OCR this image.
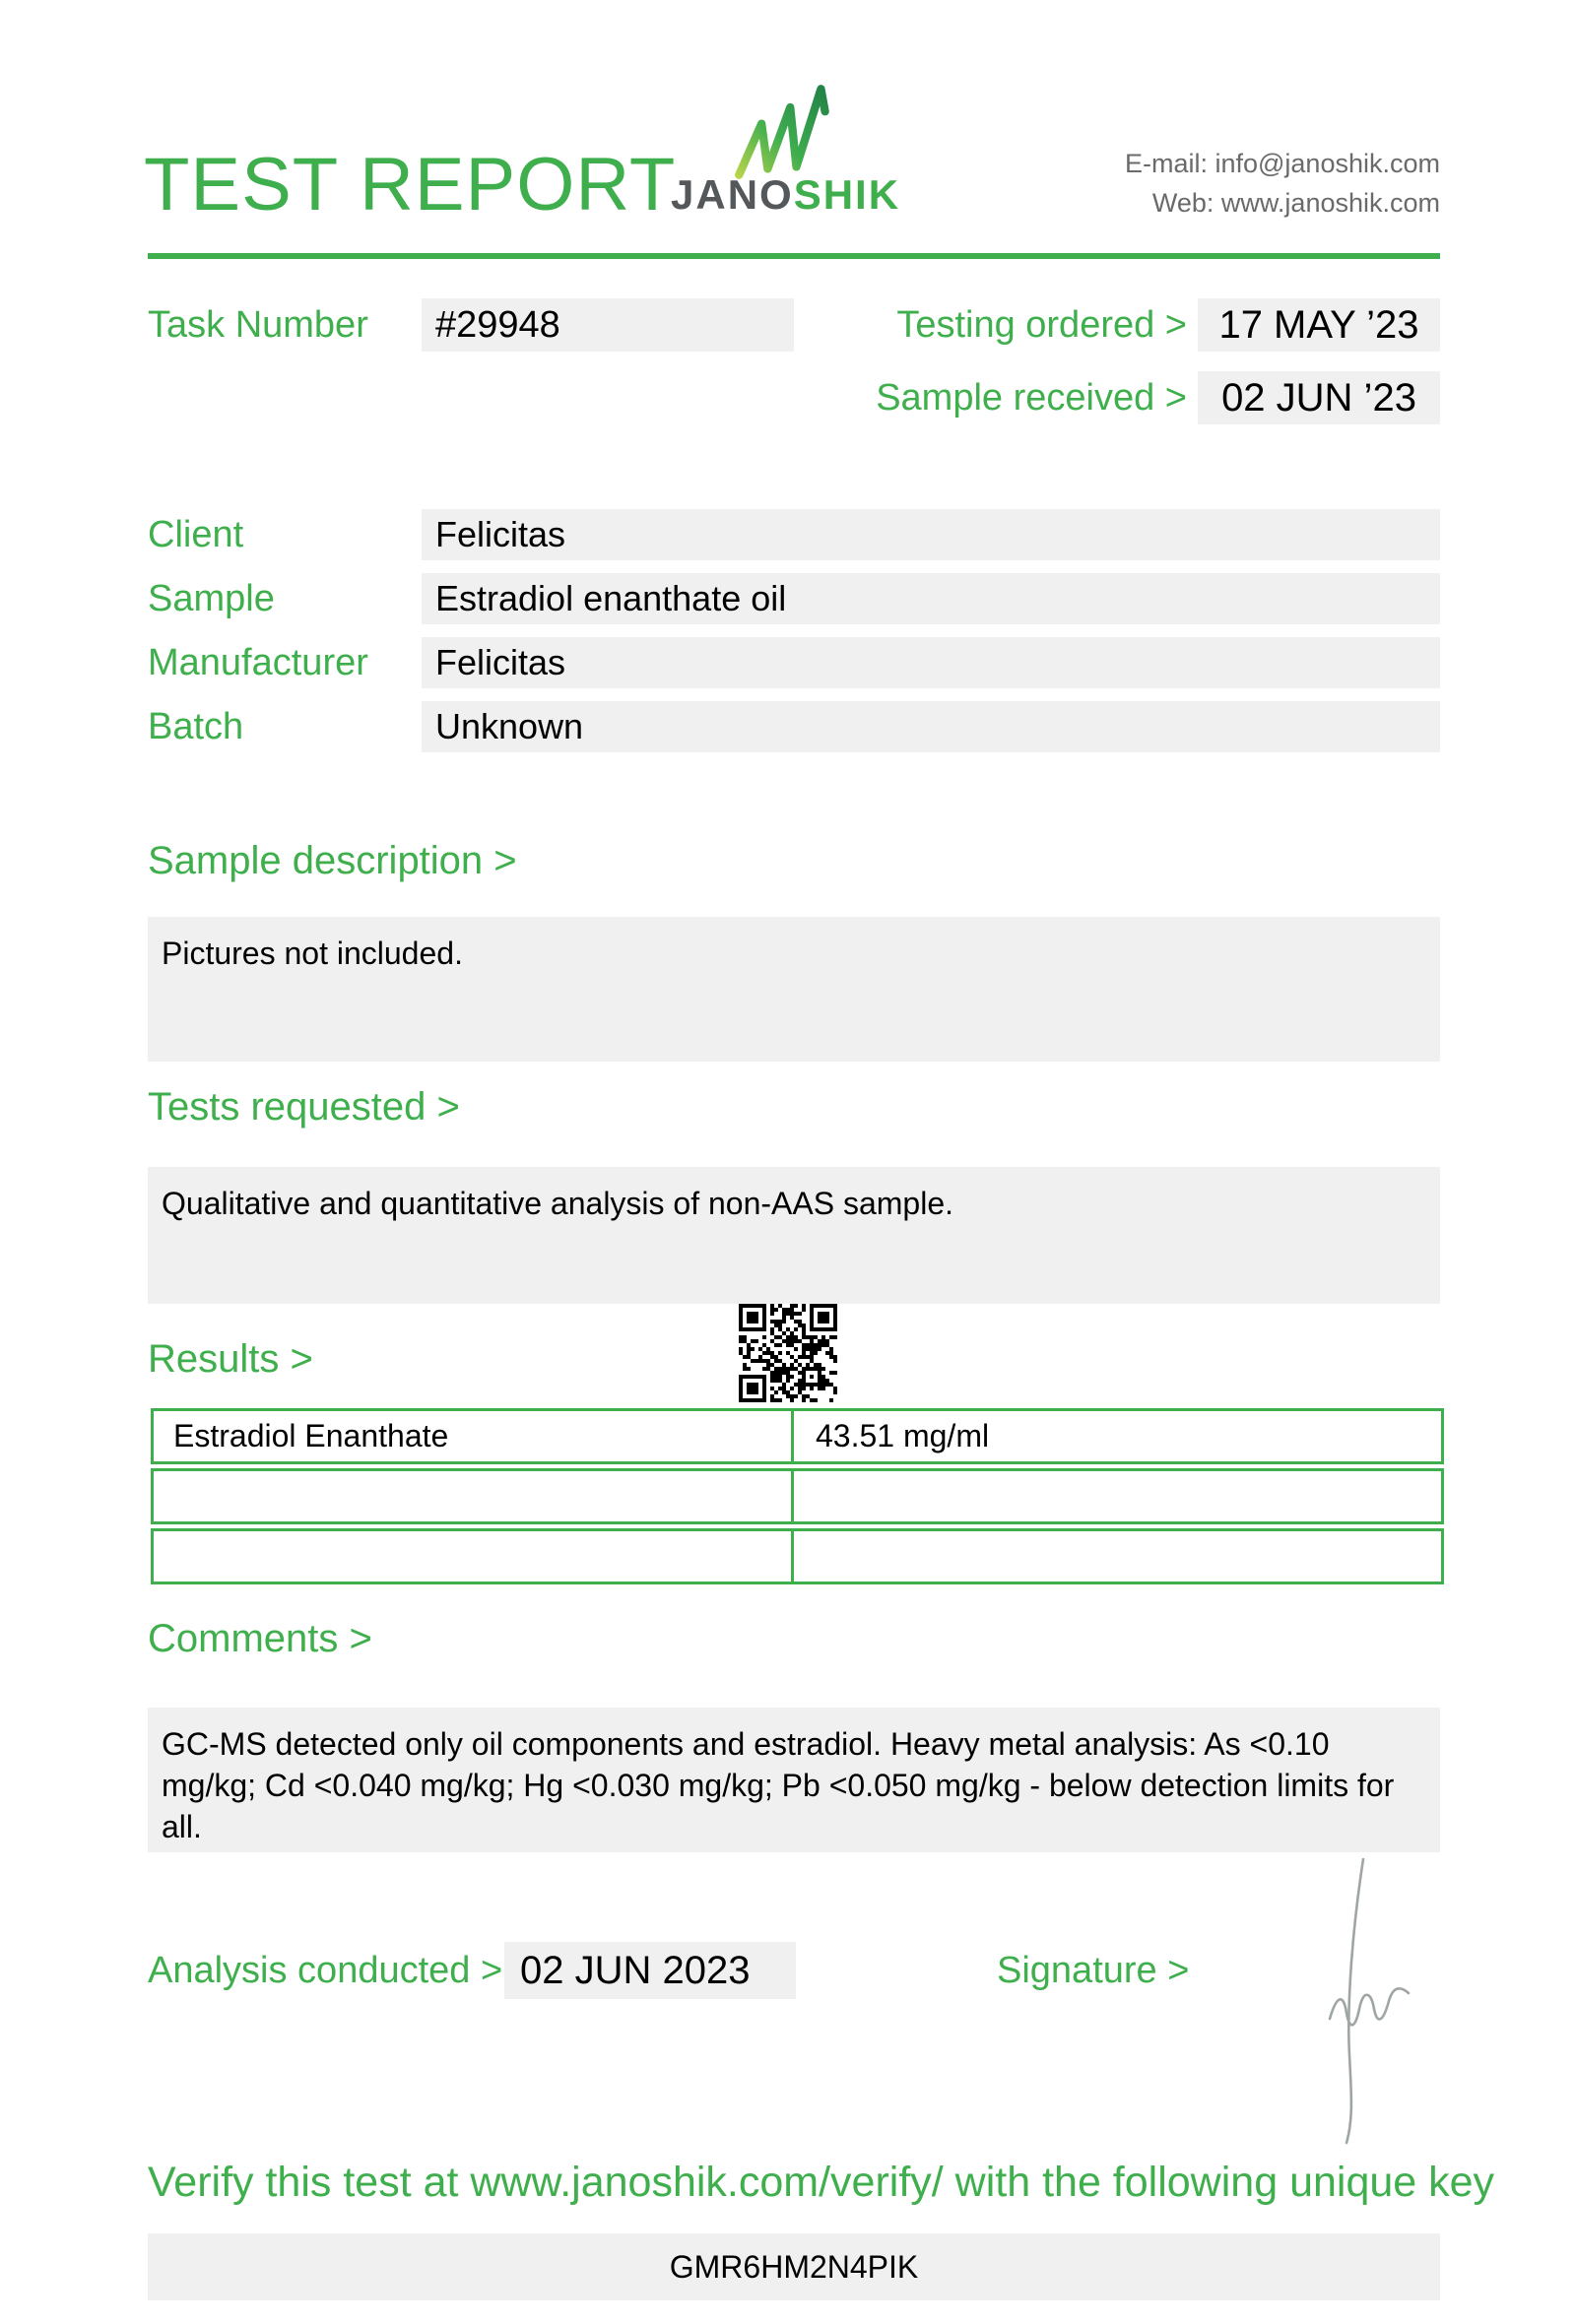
TEST REPORT
JANOSHIK
E-mail: info@janoshik.com
Web: www.janoshik.com
Task Number	#29948	Testing ordered > 17 MAY ’23
Sample received > 02 JUN ’23
Client	Felicitas
Sample	Estradiol enanthate oil
Manufacturer	Felicitas
Batch	Unknown
Sample description >
Pictures not included.
Tests requested >
Qualitative and quantitative analysis of non-AAS sample.
Results >
Estradiol Enanthate	43.51 mg/ml
Comments >
GC-MS detected only oil components and estradiol. Heavy metal analysis: As <0.10 mg/kg; Cd <0.040 mg/kg; Hg <0.030 mg/kg; Pb <0.050 mg/kg - below detection limits for all.
Analysis conducted > 02 JUN 2023	Signature >
Verify this test at www.janoshik.com/verify/ with the following unique key
GMR6HM2N4PIK
